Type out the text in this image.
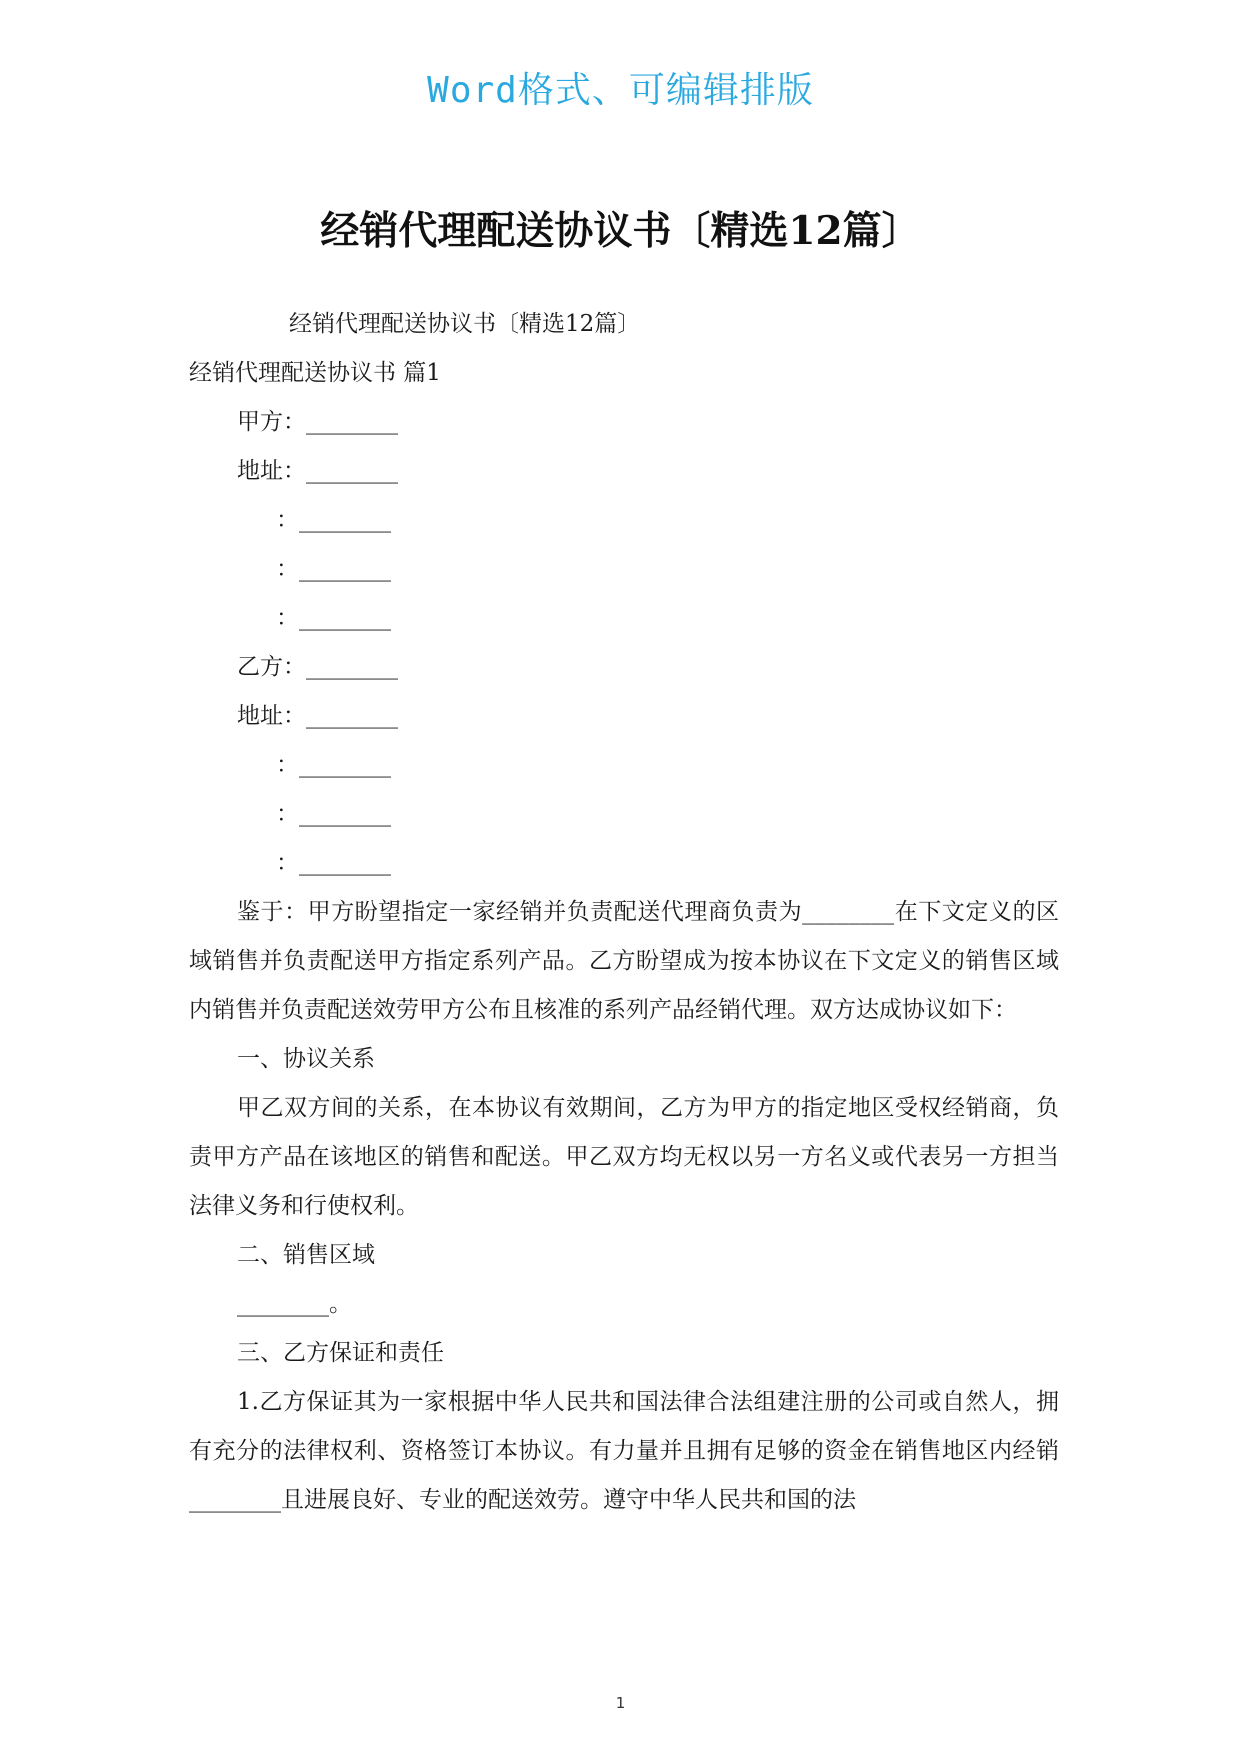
Word格式、可编辑排版
经销代理配送协议书〔精选12篇〕

经销代理配送协议书〔精选12篇〕

经销代理配送协议书 篇1

甲方：________

地址：________

：________

：________

：________

乙方：________

地址：________

：________

：________

：________

鉴于：甲方盼望指定一家经销并负责配送代理商负责为________在下文定义的区域销售并负责配送甲方指定系列产品。乙方盼望成为按本协议在下文定义的销售区域内销售并负责配送效劳甲方公布且核准的系列产品经销代理。双方达成协议如下：

一、协议关系

甲乙双方间的关系，在本协议有效期间，乙方为甲方的指定地区受权经销商，负责甲方产品在该地区的销售和配送。甲乙双方均无权以另一方名义或代表另一方担当法律义务和行使权利。

二、销售区域

________。

三、乙方保证和责任

1.乙方保证其为一家根据中华人民共和国法律合法组建注册的公司或自然人，拥有充分的法律权利、资格签订本协议。有力量并且拥有足够的资金在销售地区内经销________且进展良好、专业的配送效劳。遵守中华人民共和国的法

1
